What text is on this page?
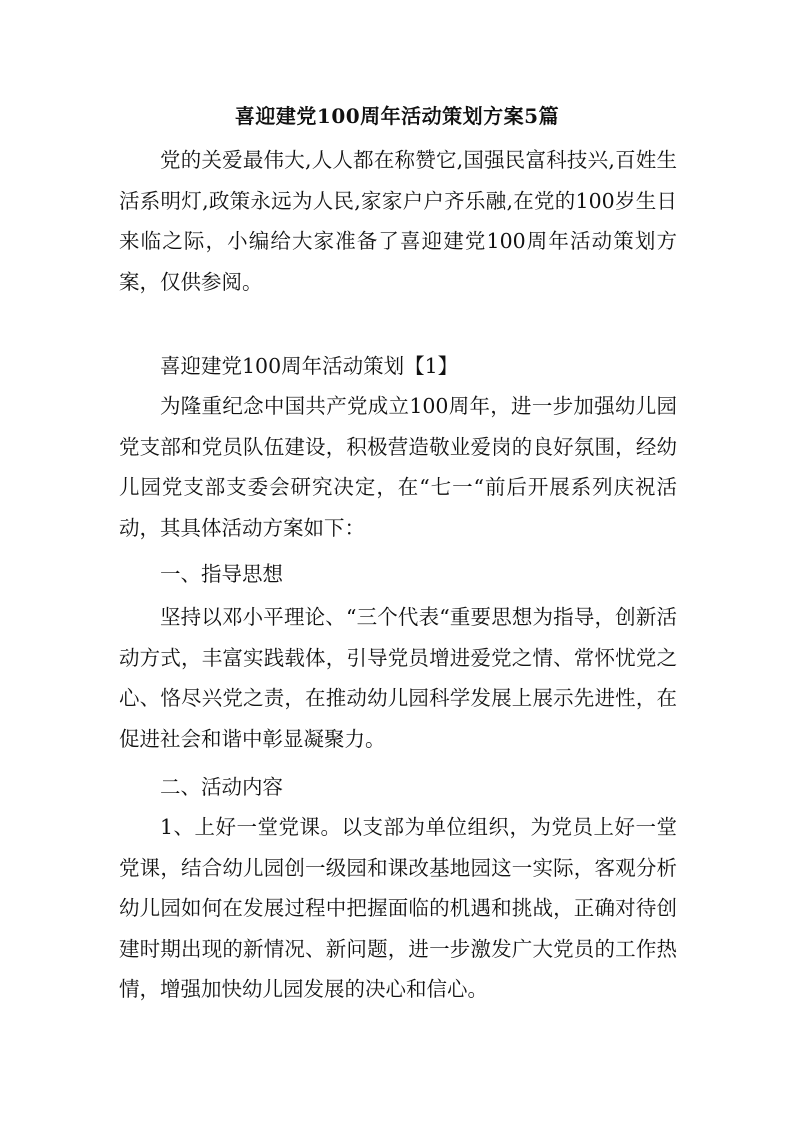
喜迎建党100周年活动策划方案5篇

党的关爱最伟大,人人都在称赞它,国强民富科技兴,百姓生活系明灯,政策永远为人民,家家户户齐乐融,在党的100岁生日来临之际，小编给大家准备了喜迎建党100周年活动策划方案，仅供参阅。

喜迎建党100周年活动策划【1】

为隆重纪念中国共产党成立100周年，进一步加强幼儿园党支部和党员队伍建设，积极营造敬业爱岗的良好氛围，经幼儿园党支部支委会研究决定，在“七一“前后开展系列庆祝活动，其具体活动方案如下：

一、指导思想

坚持以邓小平理论、“三个代表“重要思想为指导，创新活动方式，丰富实践载体，引导党员增进爱党之情、常怀忧党之心、恪尽兴党之责，在推动幼儿园科学发展上展示先进性，在促进社会和谐中彰显凝聚力。

二、活动内容

1、上好一堂党课。以支部为单位组织，为党员上好一堂党课，结合幼儿园创一级园和课改基地园这一实际，客观分析幼儿园如何在发展过程中把握面临的机遇和挑战，正确对待创建时期出现的新情况、新问题，进一步激发广大党员的工作热情，增强加快幼儿园发展的决心和信心。
